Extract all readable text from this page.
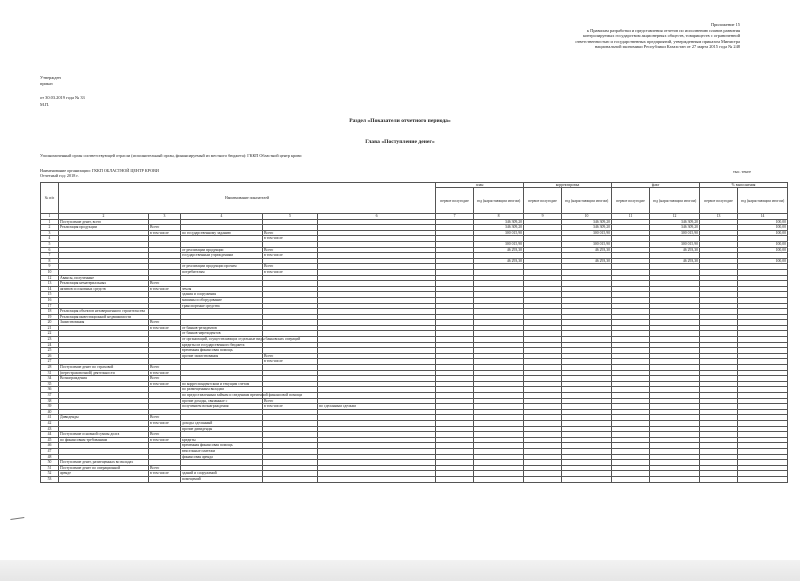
Приложение 15
к Правилам разработки и представления отчетов по исполнению планов развития
контролируемых государством акционерных обществ, товариществ с ограниченной
ответственностью и государственных предприятий, утвержденным приказом Министра
национальной экономики Республики Казахстан от 27 марта 2015 года № 248
Утвержден
приказ
от 30.03.2019 года № 33
М.П.
Раздел «Показатели отчетного периода»
Глава «Поступление денег»
Уполномоченный орган соответствующей отрасли (исполнительный орган, финансируемый из местного бюджета): ГККП Областной центр крови
Наименование организации: ГККП ОБЛАСТНОЙ ЦЕНТР КРОВИ
Отчетный год: 2018 г.
тыс. тенге
№ п/п	Наименование показателей					план		корректировка		факт		% выполнения	
						первое полугодие	год (нарастающим итогом)	первое полугодие	год (нарастающим итогом)	первое полугодие	год (нарастающим итогом)	первое полугодие	год (нарастающим итогом)
1	2	3	4	5	6	7	8	9	10	11	12	13	14
1	Поступление денег, всего						346 309,20		346 309,20		346 309,20		100,00
2	Реализация продукции	Всего					346 309,20		346 309,20		346 309,20		100,00
3		в том числе	по государственному заданию	Всего			300 015,90		300 015,90		300 015,90		100,00
4				в том числе									
5							300 015,90		300 015,90		300 015,90		100,00
6			от реализации продукции	Всего			46 293,30		46 293,30		46 293,30		100,00
7			государственным учреждениям	в том числе									
8							46 293,30		46 293,30		46 293,30		100,00
9			от реализации продукции прочим	Всего									
10			потребителям	в том числе									
12	Авансы, полученные												
13	Реализация нематериальных	Всего											
14	активов и основных средств	в том числе	земля										
15			здания и сооружения										
16			машины и оборудование										
17			транспортные средства										
18	Реализация объектов незавершенного строительства												
19	Реализация инвестиционной недвижимости												
20	Заимствования	Всего											
21		в том числе	от банков-резидентов										
22			от банков-нерезидентов										
23			от организаций, осуществляющих отдельные виды банковских операций										
24			кредиты из государственного бюджета										
25			временная финансовая помощь										
26			прочие заимствования	Всего									
27				в том числе									
28	Поступление денег по страховой	Всего											
31	(перестраховочной) деятельности	в том числе											
34	Вознаграждения	Всего											
35		в том числе	по корреспондентским и текущим счетам										
36			по размещенным вкладам										
37			по предоставленным займам и сведениям временной финансовой помощи										
38			прочие доходы, связанные с	Всего									
39			получением вознаграждения	в том числе	по сделанным сделкам								
40													
41	Дивиденды	Всего											
42		в том числе	доходы сделанный										
43			прочие дивиденды										
44	Поступление основной суммы долга	Всего											
45	по финансовым требованиям	в том числе	кредиты										
46			временная финансовая помощь										
47			вексельные платежи										
48			финансовая аренда										
50	Поступление денег, размещенных во вкладах												
51	Поступление денег по операционной	Всего											
52	аренде	в том числе	зданий и сооружений										
53			помещений										
